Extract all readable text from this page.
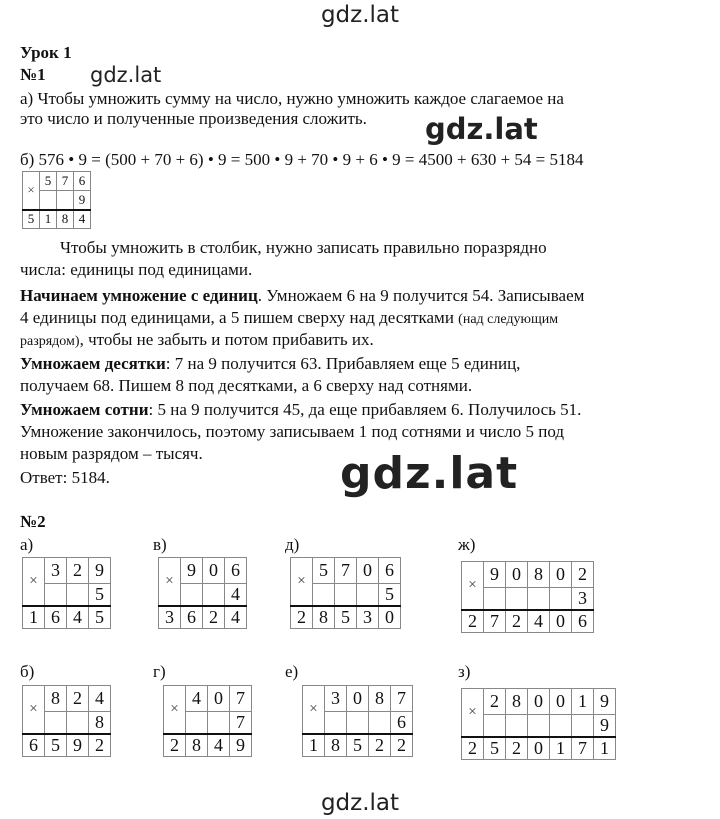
gdz.lat
gdz.lat
gdz.lat
gdz.lat
gdz.lat
Урок 1
№1
а) Чтобы умножить сумму на число, нужно умножить каждое слагаемое на
это число и полученные произведения сложить.
б) 576 • 9 = (500 + 70 + 6) • 9 = 500 • 9 + 70 • 9 + 6 • 9 = 4500 + 630 + 54 = 5184
×	5	7	6
			9
5	1	8	4
Чтобы умножить в столбик, нужно записать правильно поразрядно
числа: единицы под единицами.
Начинаем умножение с единиц. Умножаем 6 на 9 получится 54. Записываем
4 единицы под единицами, а 5 пишем сверху над десятками (над следующим
разрядом), чтобы не забыть и потом прибавить их.
Умножаем десятки: 7 на 9 получится 63. Прибавляем еще 5 единиц,
получаем 68. Пишем 8 под десятками, а 6 сверху над сотнями.
Умножаем сотни: 5 на 9 получится 45, да еще прибавляем 6. Получилось 51.
Умножение закончилось, поэтому записываем 1 под сотнями и число 5 под
новым разрядом – тысяч.
Ответ: 5184.
№2
а)	в)	д)	ж)
б)	г)	е)	з)
×	3	2	9
			5
1	6	4	5
×	9	0	6
			4
3	6	2	4
×	5	7	0	6
				5
2	8	5	3	0
×	9	0	8	0	2
					3
2	7	2	4	0	6
×	8	2	4
			8
6	5	9	2
×	4	0	7
			7
2	8	4	9
×	3	0	8	7
				6
1	8	5	2	2
×	2	8	0	0	1	9
						9
2	5	2	0	1	7	1
